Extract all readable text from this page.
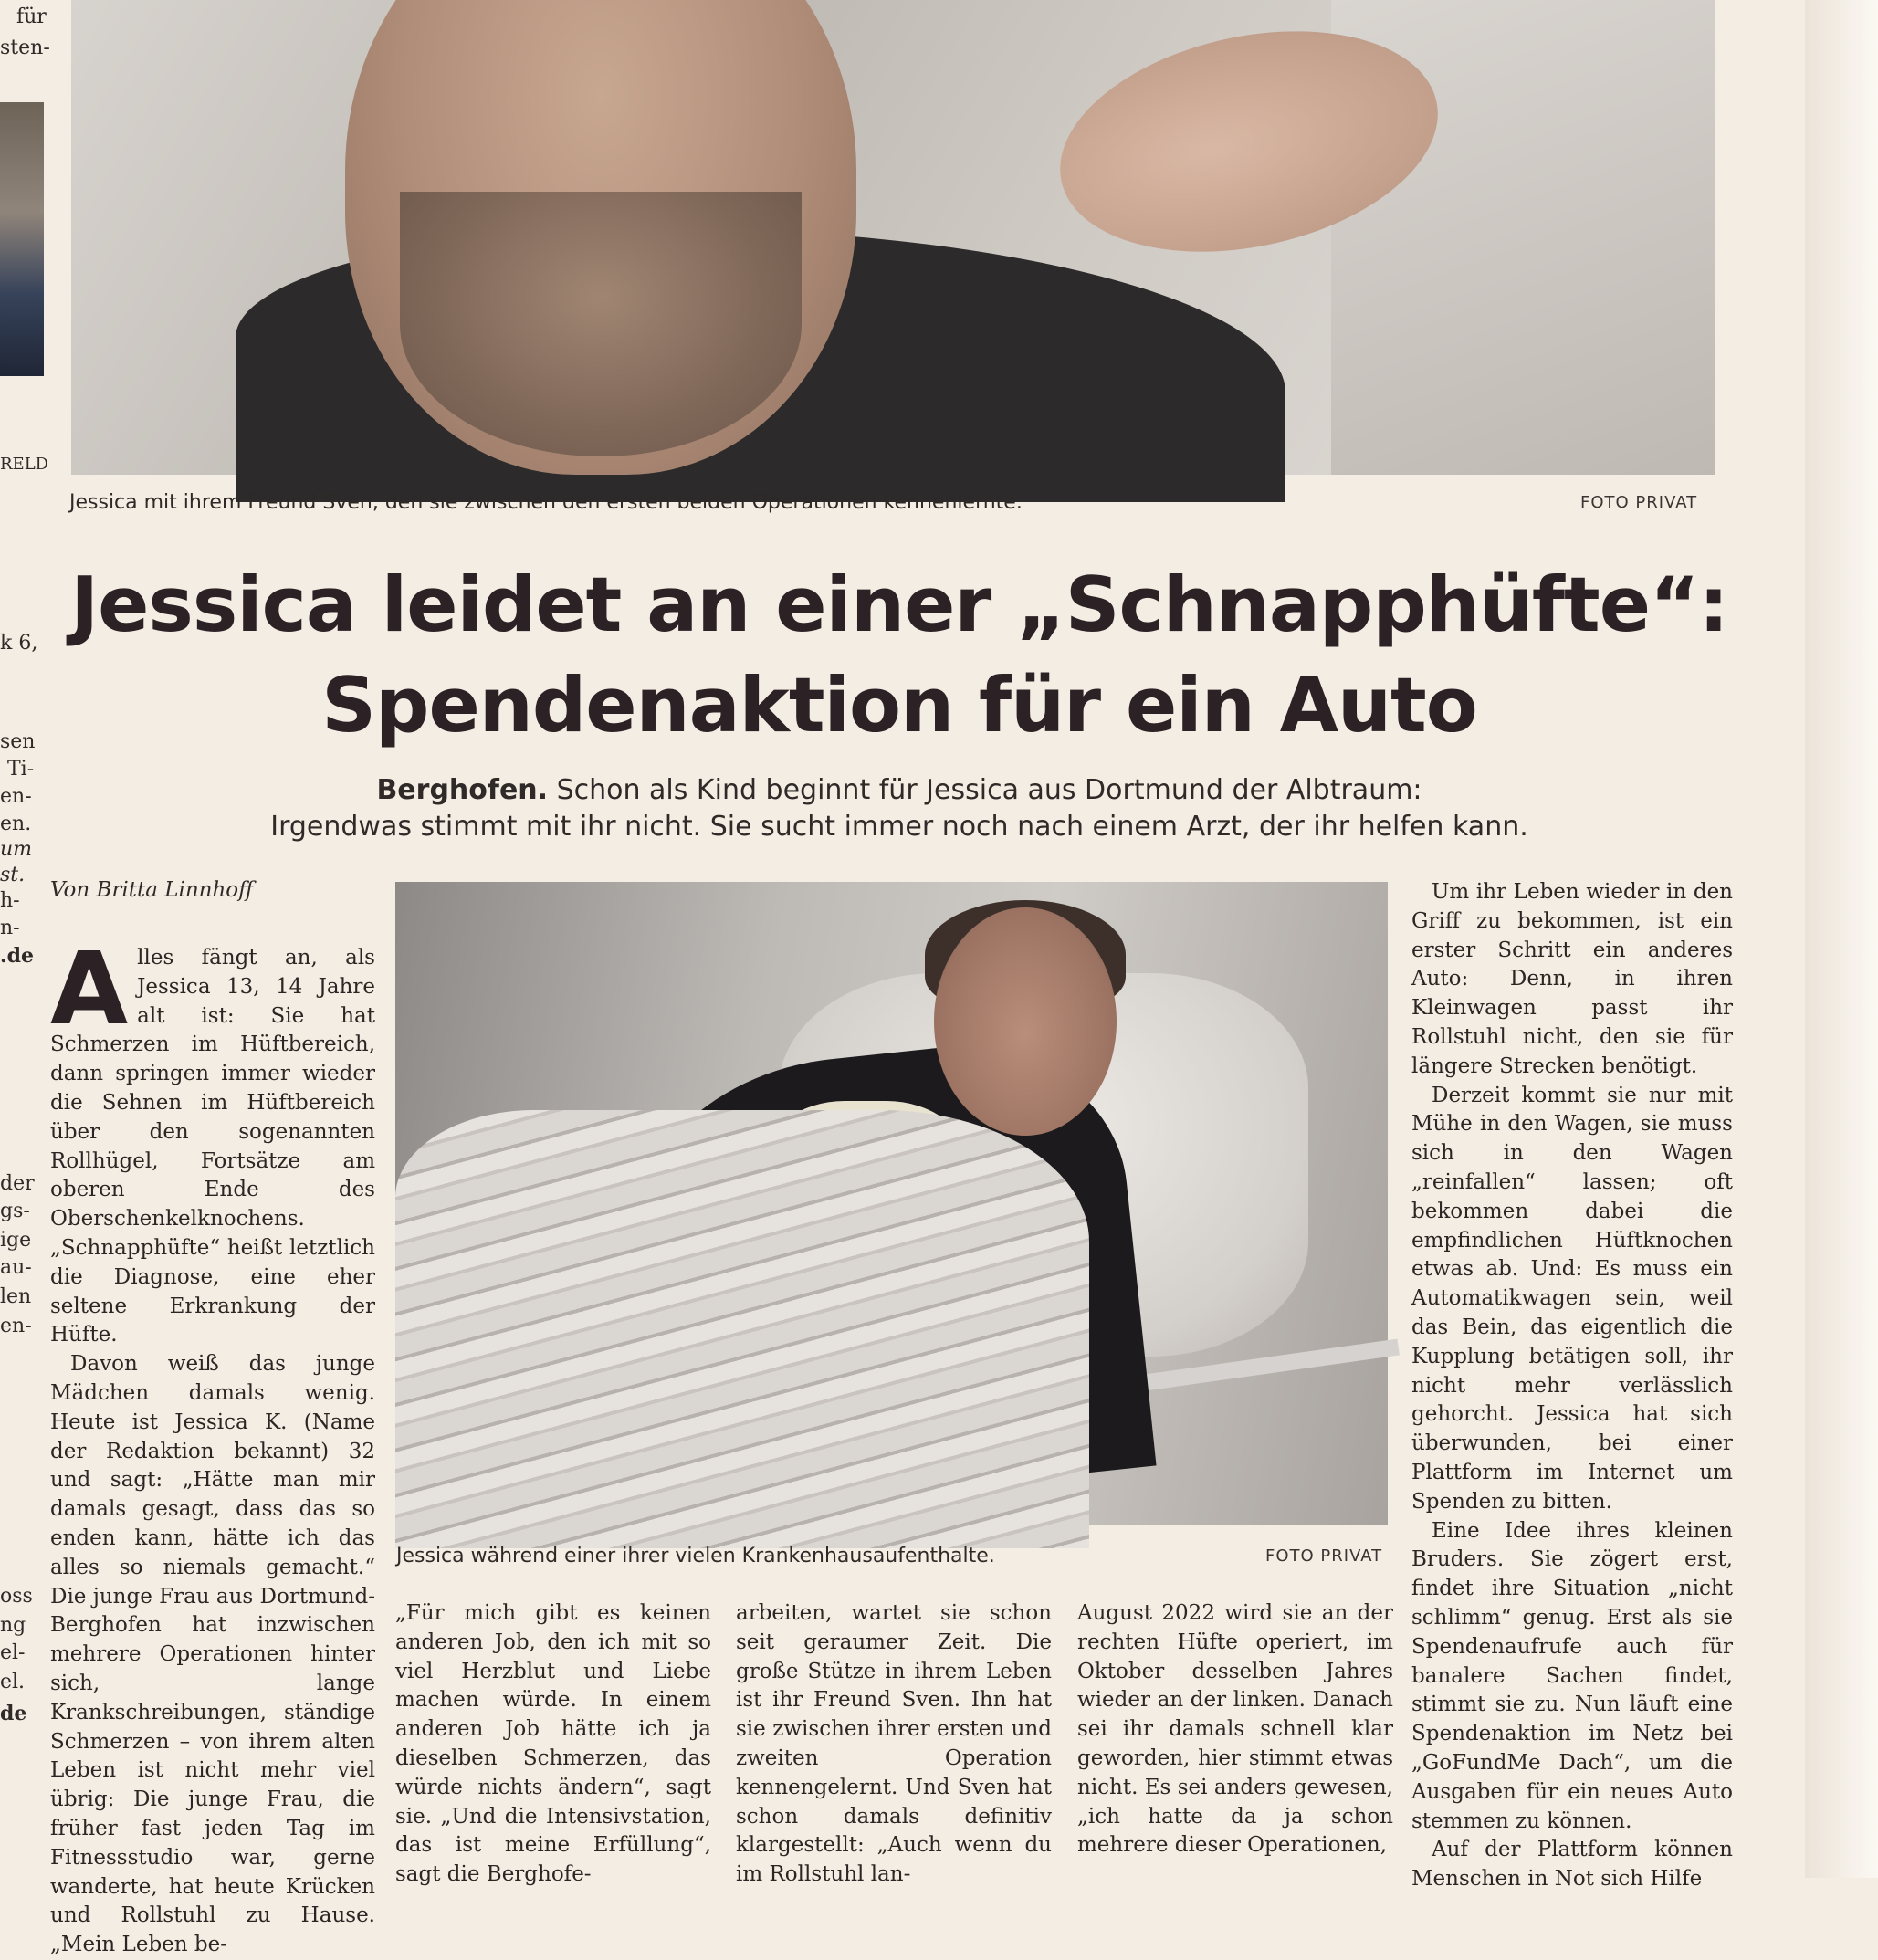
für
sten-
RELD
k 6,
sen
Ti-
en-
en.
um
st.
h-
n-
.de
der
gs-
ige
au-
len
en-
oss
ng
el-
el.
de
Jessica mit ihrem Freund Sven, den sie zwischen den ersten beiden Operationen kennenlernte.	FOTO PRIVAT
Jessica leidet an einer „Schnapphüfte“:
Spendenaktion für ein Auto
Berghofen. Schon als Kind beginnt für Jessica aus Dortmund der Albtraum:
Irgendwas stimmt mit ihr nicht. Sie sucht immer noch nach einem Arzt, der ihr helfen kann.
Von Britta Linnhoff

Alles fängt an, als Jessica 13, 14 Jahre alt ist: Sie hat Schmerzen im Hüftbereich, dann springen immer wieder die Sehnen im Hüftbereich über den sogenannten Rollhügel, Fortsätze am oberen Ende des Oberschenkelknochens. „Schnapphüfte“ heißt letztlich die Diagnose, eine eher seltene Erkrankung der Hüfte.

Davon weiß das junge Mädchen damals wenig. Heute ist Jessica K. (Name der Redaktion bekannt) 32 und sagt: „Hätte man mir damals gesagt, dass das so enden kann, hätte ich das alles so niemals gemacht.“ Die junge Frau aus Dortmund-Berghofen hat inzwischen mehrere Operationen hinter sich, lange Krankschreibungen, ständige Schmerzen – von ihrem alten Leben ist nicht mehr viel übrig: Die junge Frau, die früher fast jeden Tag im Fitnessstudio war, gerne wanderte, hat heute Krücken und Rollstuhl zu Hause. „Mein Leben be-

Jessica während einer ihrer vielen Krankenhausaufenthalte.	FOTO PRIVAT

„Für mich gibt es keinen anderen Job, den ich mit so viel Herzblut und Liebe machen würde. In einem anderen Job hätte ich ja dieselben Schmerzen, das würde nichts ändern“, sagt sie. „Und die Intensivstation, das ist meine Erfüllung“, sagt die Berghofe-

arbeiten, wartet sie schon seit geraumer Zeit. Die große Stütze in ihrem Leben ist ihr Freund Sven. Ihn hat sie zwischen ihrer ersten und zweiten Operation kennengelernt. Und Sven hat schon damals definitiv klargestellt: „Auch wenn du im Rollstuhl lan-

August 2022 wird sie an der rechten Hüfte operiert, im Oktober desselben Jahres wieder an der linken. Danach sei ihr damals schnell klar geworden, hier stimmt etwas nicht. Es sei anders gewesen, „ich hatte da ja schon mehrere dieser Operationen,

Um ihr Leben wieder in den Griff zu bekommen, ist ein erster Schritt ein anderes Auto: Denn, in ihren Kleinwagen passt ihr Rollstuhl nicht, den sie für längere Strecken benötigt.

Derzeit kommt sie nur mit Mühe in den Wagen, sie muss sich in den Wagen „reinfallen“ lassen; oft bekommen dabei die empfindlichen Hüftknochen etwas ab. Und: Es muss ein Automatikwagen sein, weil das Bein, das eigentlich die Kupplung betätigen soll, ihr nicht mehr verlässlich gehorcht. Jessica hat sich überwunden, bei einer Plattform im Internet um Spenden zu bitten.

Eine Idee ihres kleinen Bruders. Sie zögert erst, findet ihre Situation „nicht schlimm“ genug. Erst als sie Spendenaufrufe auch für banalere Sachen findet, stimmt sie zu. Nun läuft eine Spendenaktion im Netz bei „GoFundMe Dach“, um die Ausgaben für ein neues Auto stemmen zu können.

Auf der Plattform können Menschen in Not sich Hilfe
